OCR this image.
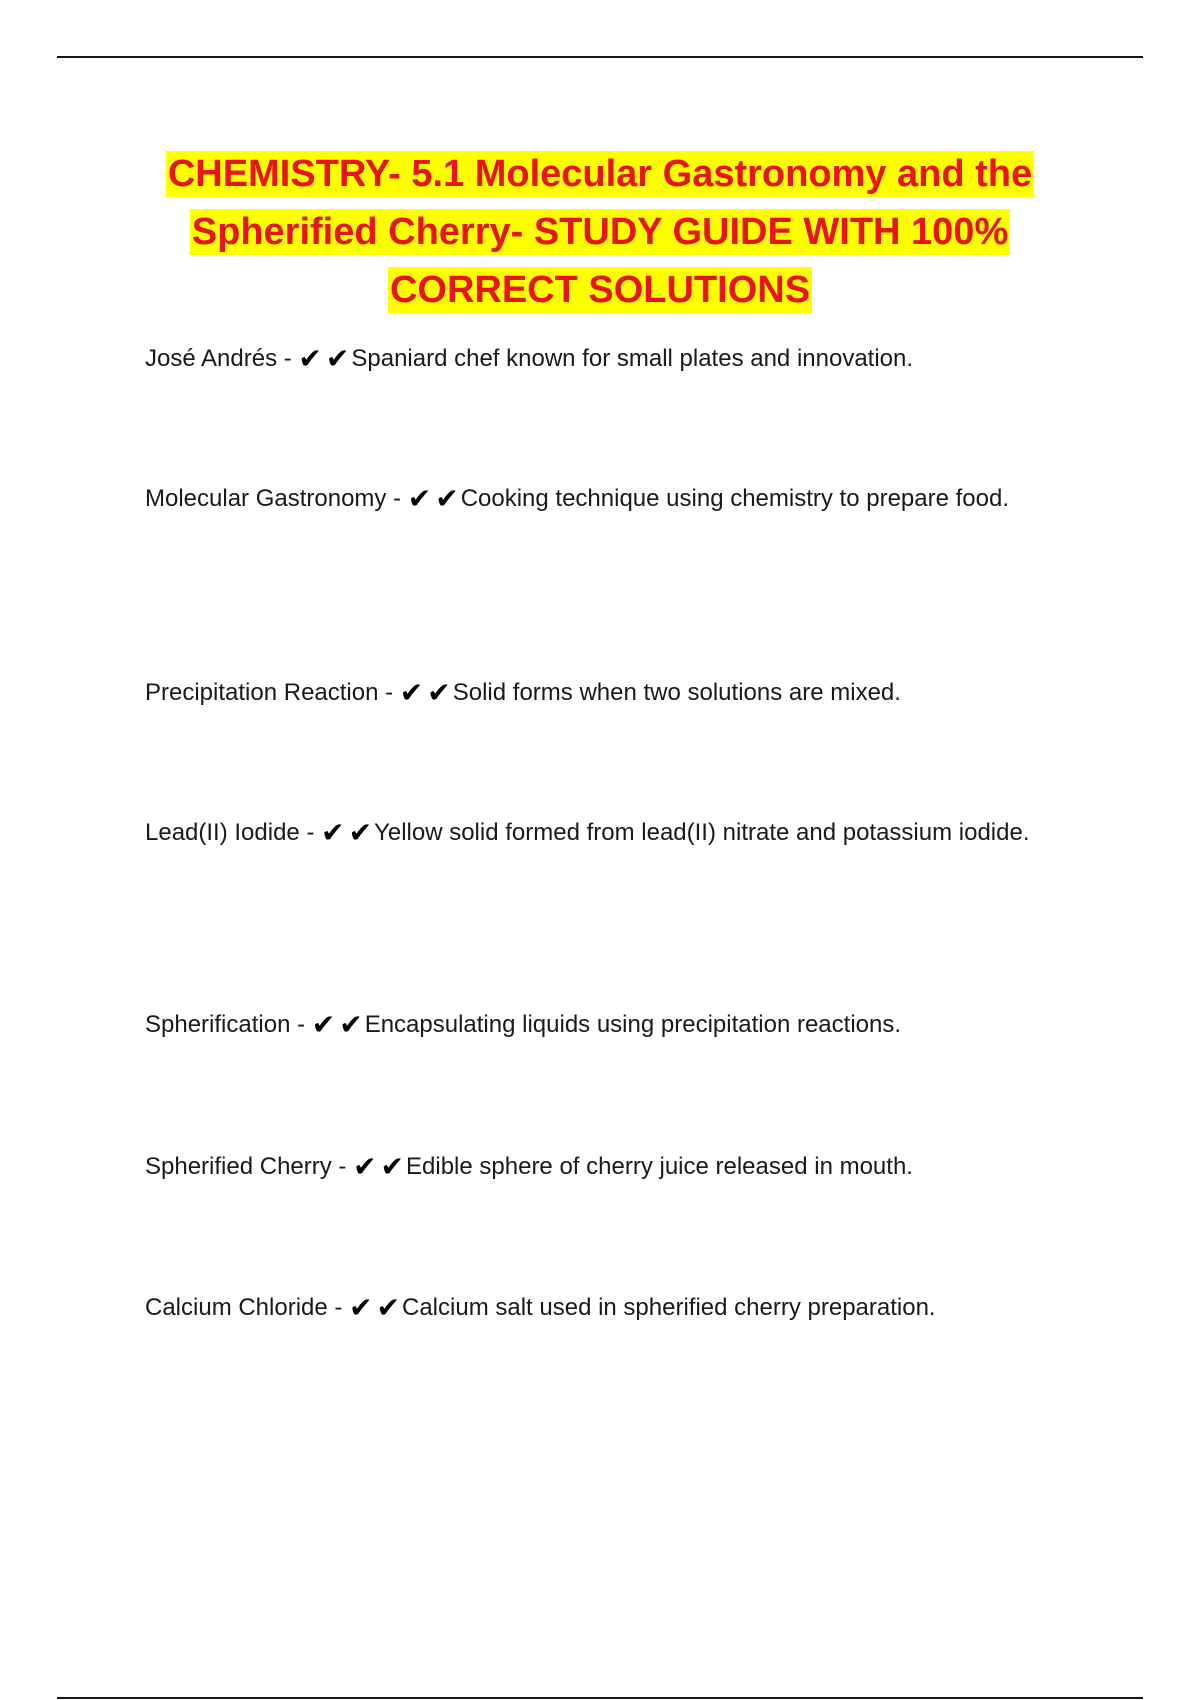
CHEMISTRY- 5.1 Molecular Gastronomy and the
Spherified Cherry- STUDY GUIDE WITH 100%
CORRECT SOLUTIONS
José Andrés - ✔ ✔Spaniard chef known for small plates and innovation.
Molecular Gastronomy - ✔ ✔Cooking technique using chemistry to prepare food.
Precipitation Reaction - ✔ ✔Solid forms when two solutions are mixed.
Lead(II) Iodide - ✔ ✔Yellow solid formed from lead(II) nitrate and potassium iodide.
Spherification - ✔ ✔Encapsulating liquids using precipitation reactions.
Spherified Cherry - ✔ ✔Edible sphere of cherry juice released in mouth.
Calcium Chloride - ✔ ✔Calcium salt used in spherified cherry preparation.
